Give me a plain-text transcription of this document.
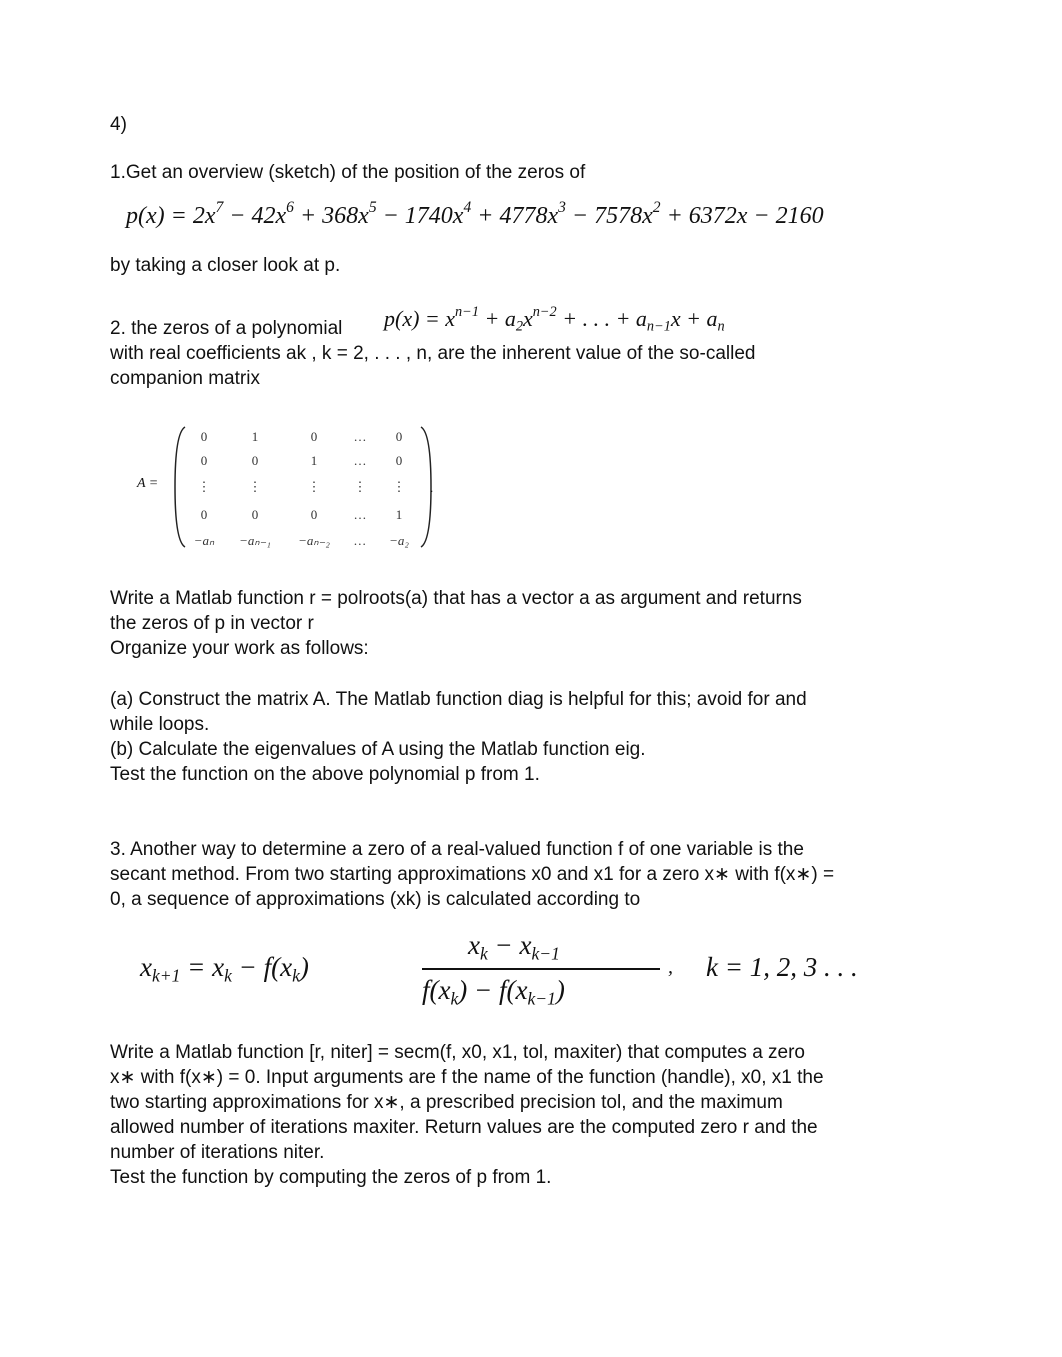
4)
1.Get an overview (sketch) of the position of the zeros of
$p(x) = 2x^7 - 42x^6 + 368x^5 - 1740x^4 + 4778x^3 - 7578x^2 + 6372x - 2160$
by taking a closer look at p.
2. the zeros of a polynomial $p(x) = x^{n-1} + a_2x^{n-2}$ + . . . + $a_{n-1}x + a_n$
with real coefficients ak , k = 2, . . . , n, are the inherent value of the so-called
companion matrix
A =
0	1	0	…	0
0	0	1	…	0
⋮	⋮	⋮	⋮	⋮
0	0	0	…	1
−aₙ	−aₙ₋₁	−aₙ₋₂	…	−a₂
.
Write a Matlab function r = polroots(a) that has a vector a as argument and returns
the zeros of p in vector r
Organize your work as follows:
(a) Construct the matrix A. The Matlab function diag is helpful for this; avoid for and
while loops.
(b) Calculate the eigenvalues of A using the Matlab function eig.
Test the function on the above polynomial p from 1.
3. Another way to determine a zero of a real-valued function f of one variable is the
secant method. From two starting approximations x0 and x1 for a zero x∗ with f(x∗) =
0, a sequence of approximations (xk) is calculated according to
$x_{k+1} = x_k - f(x_k)$
$x_k - x_{k-1}$
$f(x_k) - f(x_{k-1})$
, k = 1, 2, 3 . . .
Write a Matlab function [r, niter] = secm(f, x0, x1, tol, maxiter) that computes a zero
x∗ with f(x∗) = 0. Input arguments are f the name of the function (handle), x0, x1 the
two starting approximations for x∗, a prescribed precision tol, and the maximum
allowed number of iterations maxiter. Return values are the computed zero r and the
number of iterations niter.
Test the function by computing the zeros of p from 1.
